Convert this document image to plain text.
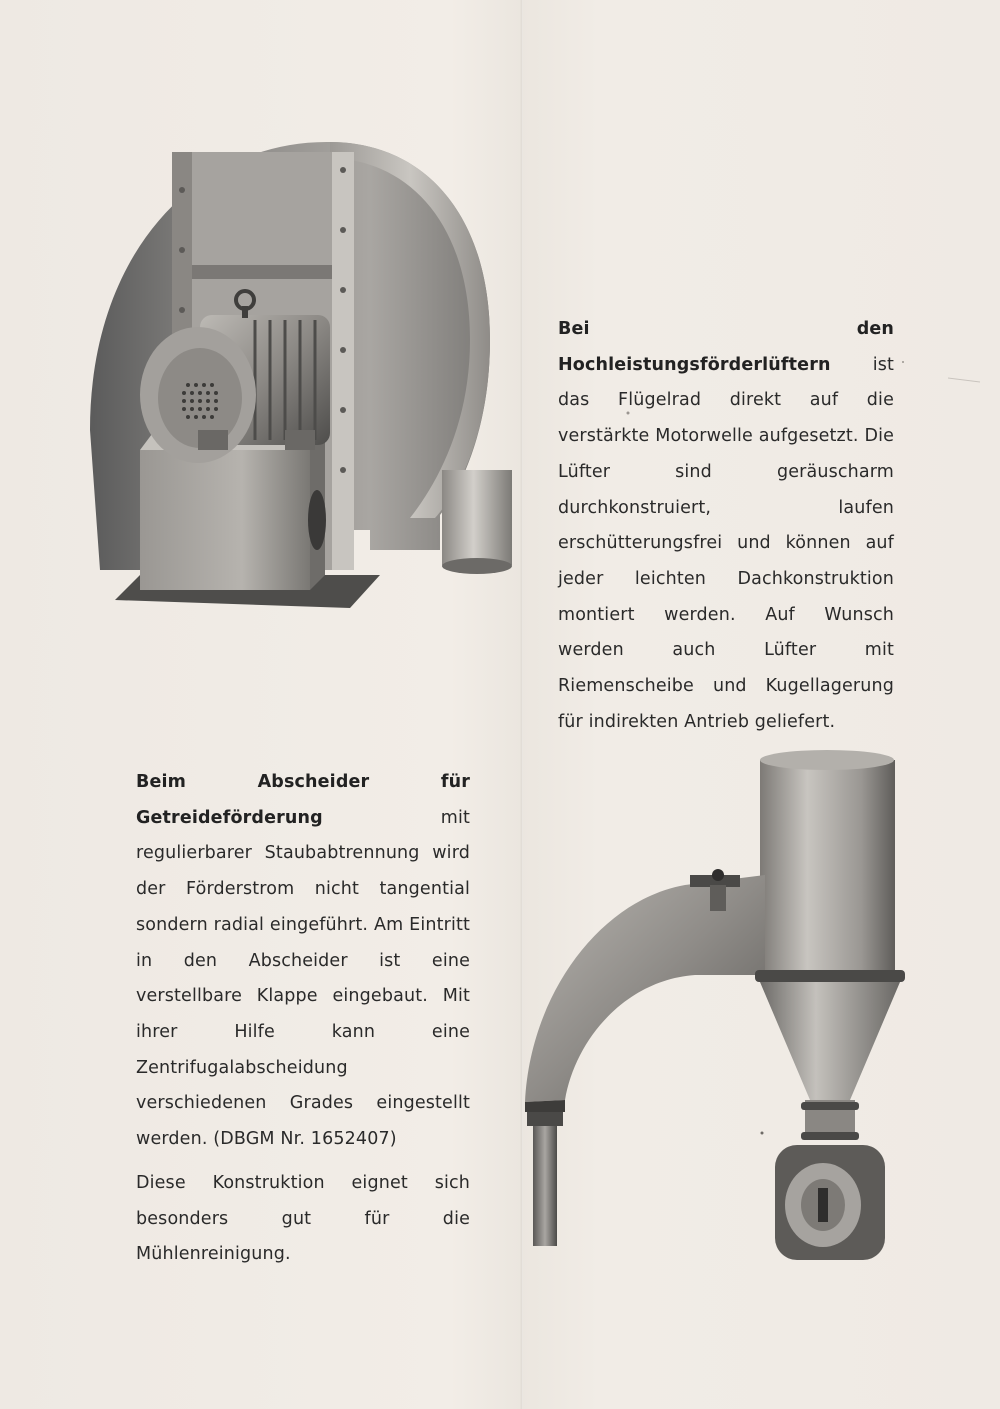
Bei den Hochleistungsförderlüftern ist das Flügelrad direkt auf die verstärkte Motorwelle aufgesetzt. Die Lüfter sind geräuscharm durchkonstruiert, laufen erschütterungsfrei und können auf jeder leichten Dachkonstruktion montiert werden. Auf Wunsch werden auch Lüfter mit Riemenscheibe und Kugellagerung für indirekten Antrieb geliefert.

Beim Abscheider für Getreideförderung	mit regulierbarer Staubabtrennung wird der Förderstrom nicht tangential sondern radial eingeführt. Am Eintritt in den Abscheider ist eine verstellbare Klappe eingebaut. Mit ihrer Hilfe kann eine Zentrifugalabscheidung verschiedenen Grades eingestellt werden. (DBGM Nr. 1652407)

Diese Konstruktion eignet sich besonders gut für die Mühlenreinigung.
